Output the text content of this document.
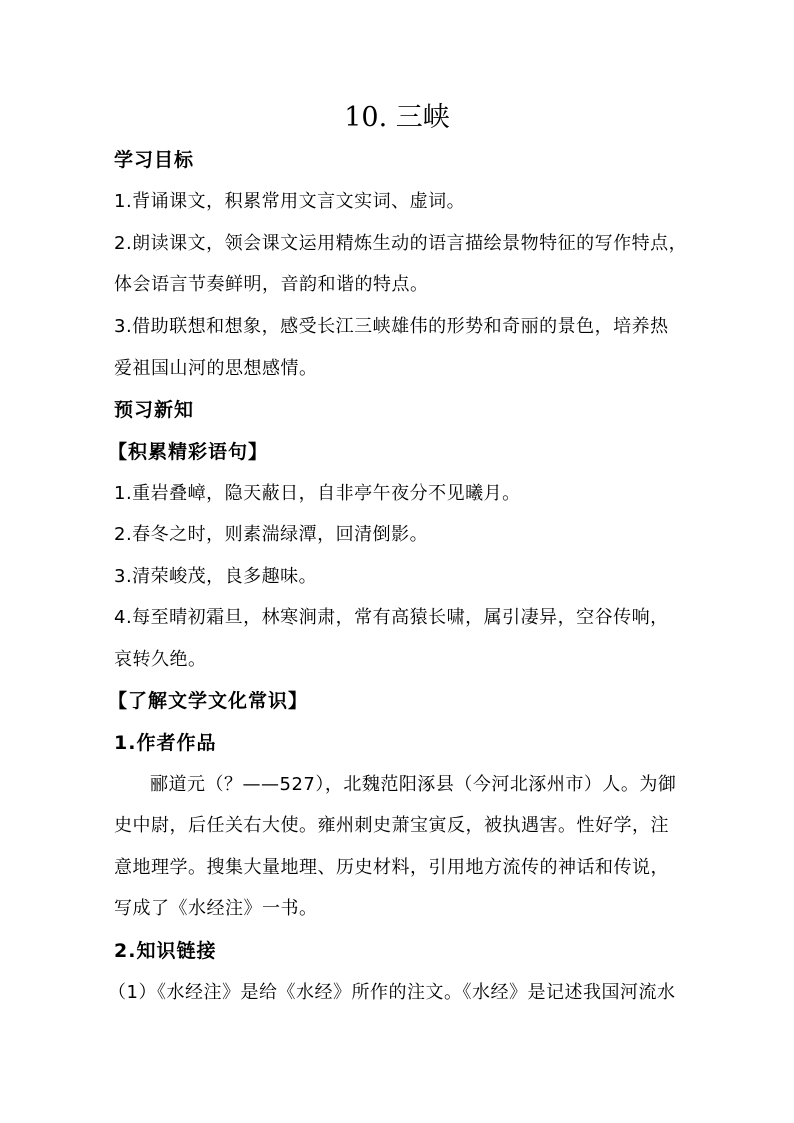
10. 三峡
学习目标
1.背诵课文，积累常用文言文实词、虚词。
2.朗读课文，领会课文运用精炼生动的语言描绘景物特征的写作特点，
体会语言节奏鲜明，音韵和谐的特点。
3.借助联想和想象，感受长江三峡雄伟的形势和奇丽的景色，培养热
爱祖国山河的思想感情。
预习新知
【积累精彩语句】
1.重岩叠嶂，隐天蔽日，自非亭午夜分不见曦月。
2.春冬之时，则素湍绿潭，回清倒影。
3.清荣峻茂，良多趣味。
4.每至晴初霜旦，林寒涧肃，常有高猿长啸，属引凄异，空谷传响，
哀转久绝。
【了解文学文化常识】
1.作者作品
郦道元（？——527），北魏范阳涿县（今河北涿州市）人。为御
史中尉，后任关右大使。雍州刺史萧宝寅反，被执遇害。性好学，注
意地理学。搜集大量地理、历史材料，引用地方流传的神话和传说，
写成了《水经注》一书。
2.知识链接
（1）《水经注》是给《水经》所作的注文。《水经》是记述我国河流水
